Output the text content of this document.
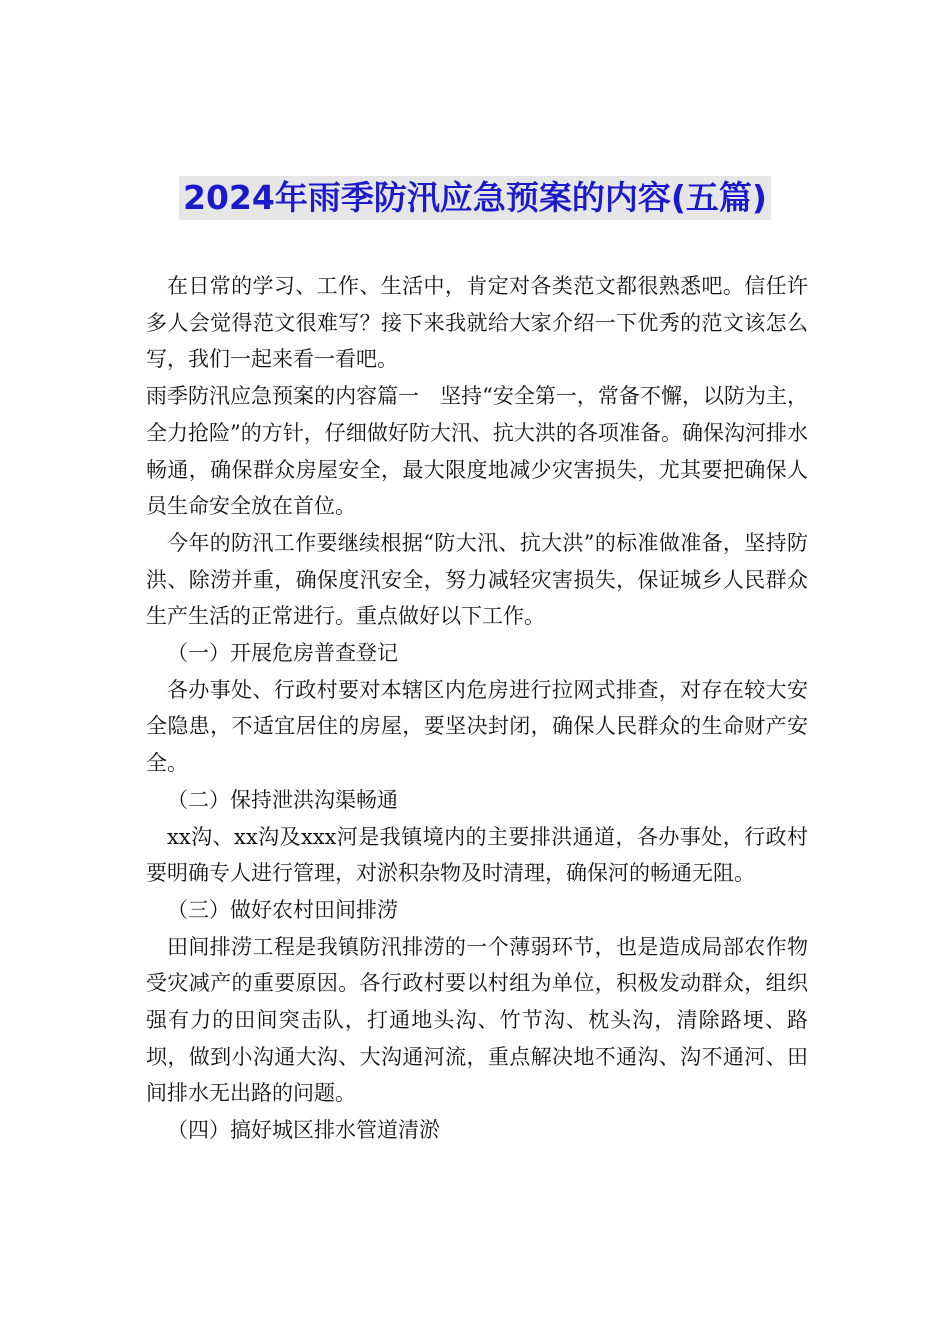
2024年雨季防汛应急预案的内容(五篇)

在日常的学习、工作、生活中，肯定对各类范文都很熟悉吧。信任许多人会觉得范文很难写？接下来我就给大家介绍一下优秀的范文该怎么写，我们一起来看一看吧。

雨季防汛应急预案的内容篇一　坚持“安全第一，常备不懈，以防为主，全力抢险”的方针，仔细做好防大汛、抗大洪的各项准备。确保沟河排水畅通，确保群众房屋安全，最大限度地减少灾害损失，尤其要把确保人员生命安全放在首位。

今年的防汛工作要继续根据“防大汛、抗大洪”的标准做准备，坚持防洪、除涝并重，确保度汛安全，努力减轻灾害损失，保证城乡人民群众生产生活的正常进行。重点做好以下工作。

（一）开展危房普查登记

各办事处、行政村要对本辖区内危房进行拉网式排查，对存在较大安全隐患，不适宜居住的房屋，要坚决封闭，确保人民群众的生命财产安全。

（二）保持泄洪沟渠畅通

xx沟、xx沟及xxx河是我镇境内的主要排洪通道，各办事处，行政村要明确专人进行管理，对淤积杂物及时清理，确保河的畅通无阻。

（三）做好农村田间排涝

田间排涝工程是我镇防汛排涝的一个薄弱环节，也是造成局部农作物受灾减产的重要原因。各行政村要以村组为单位，积极发动群众，组织强有力的田间突击队，打通地头沟、竹节沟、枕头沟，清除路埂、路坝，做到小沟通大沟、大沟通河流，重点解决地不通沟、沟不通河、田间排水无出路的问题。

（四）搞好城区排水管道清淤
